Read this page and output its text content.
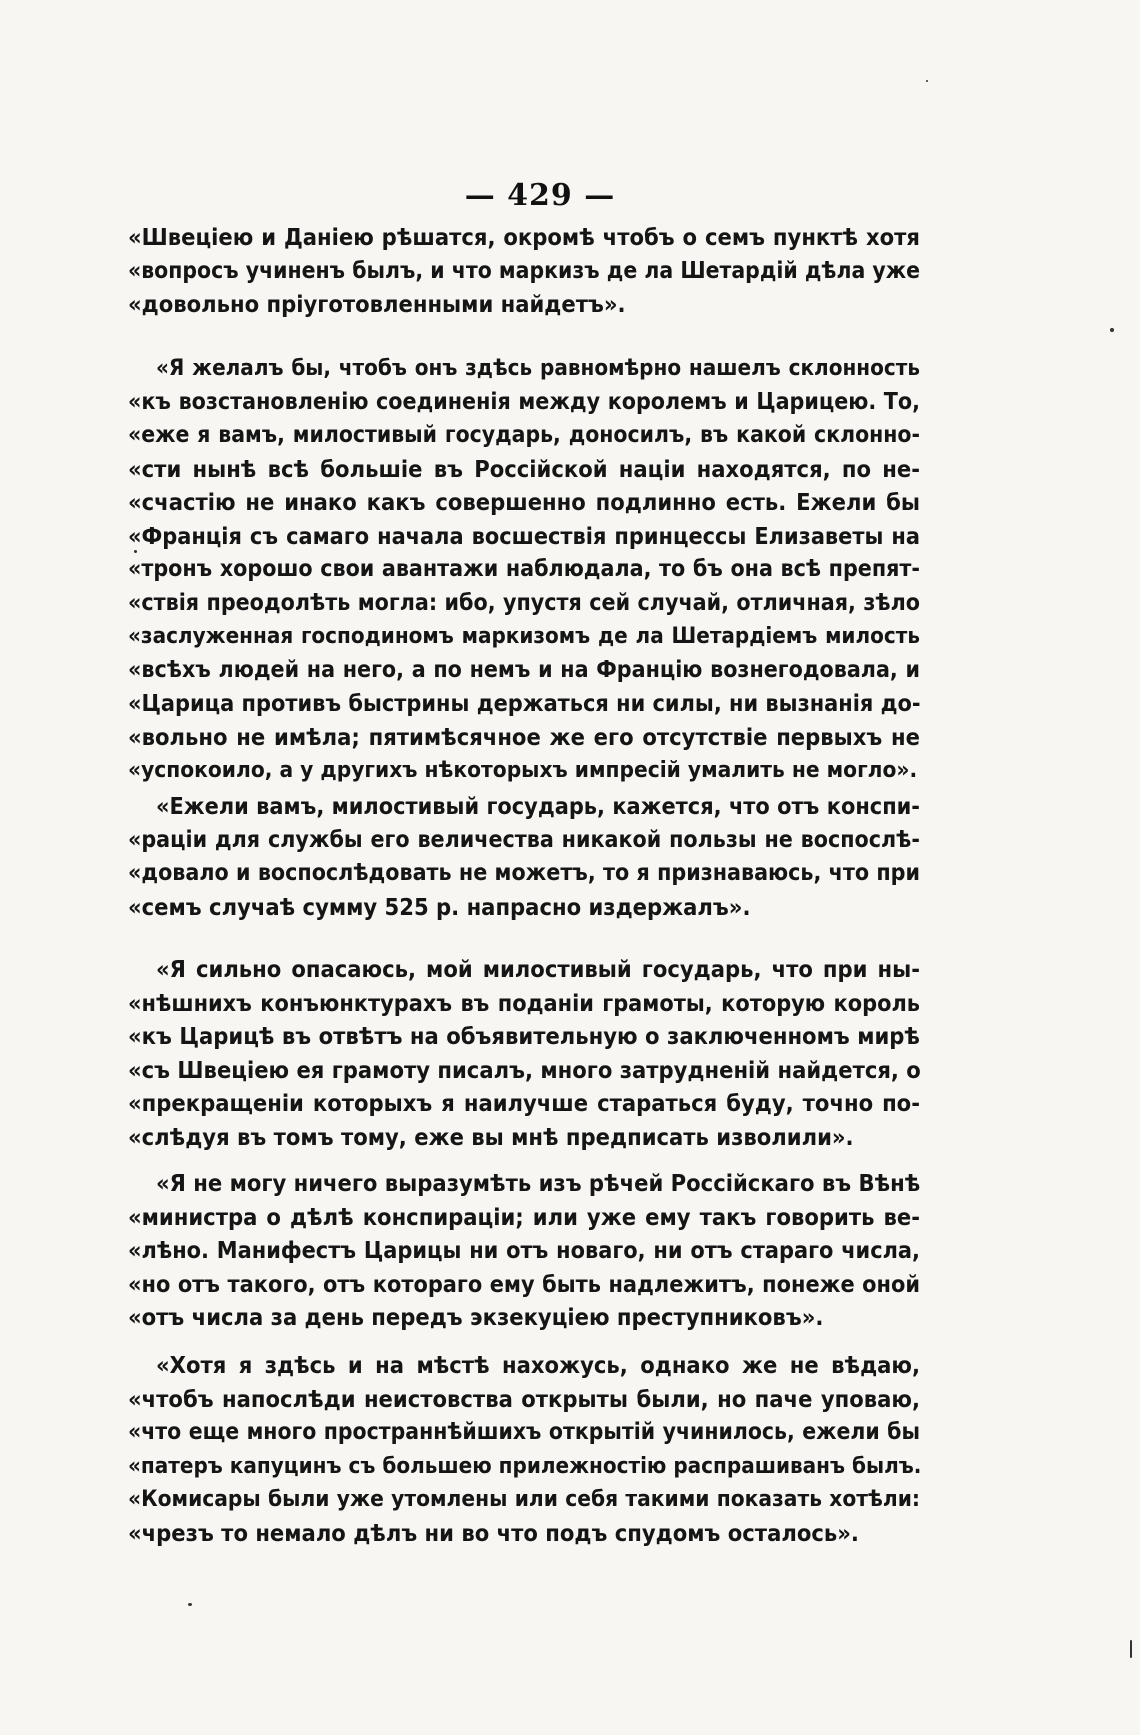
— 429 —
«Швеціею и Даніею рѣшатся, окромѣ чтобъ о семъ пунктѣ хотя
«вопросъ учиненъ былъ, и что маркизъ де ла Шетардій дѣла уже
«довольно пріуготовленными найдетъ».
«Я желалъ бы, чтобъ онъ здѣсь равномѣрно нашелъ склонность
«къ возстановленію соединенія между королемъ и Царицею. То,
«еже я вамъ, милостивый государь, доносилъ, въ какой склонно-
«сти нынѣ всѣ большіе въ Россійской націи находятся, по не-
«счастію не инако какъ совершенно подлинно есть. Ежели бы
«Францiя съ самаго начала восшествія принцессы Елизаветы на
«тронъ хорошо свои авантажи наблюдала, то бъ она всѣ препят-
«ствія преодолѣть могла: ибо, упустя сей случай, отличная, зѣло
«заслуженная господиномъ маркизомъ де ла Шетардіемъ милость
«всѣхъ людей на него, а по немъ и на Францію вознегодовала, и
«Царица противъ быстрины держаться ни силы, ни вызнанія до-
«вольно не имѣла; пятимѣсячное же его отсутствіе первыхъ не
«успокоило, а у другихъ нѣкоторыхъ импресій умалить не могло».
«Ежели вамъ, милостивый государь, кажется, что отъ конспи-
«раціи для службы его величества никакой пользы не воспослѣ-
«довало и воспослѣдовать не можетъ, то я признаваюсь, что при
«семъ случаѣ сумму 525 р. напрасно издержалъ».
«Я сильно опасаюсь, мой милостивый государь, что при ны-
«нѣшнихъ конъюнктурахъ въ поданіи грамоты, которую король
«къ Царицѣ въ отвѣтъ на объявительную о заключенномъ мирѣ
«съ Швеціею ея грамоту писалъ, много затрудненій найдется, о
«прекращеніи которыхъ я наилучше стараться буду, точно по-
«слѣдуя въ томъ тому, еже вы мнѣ предписать изволили».
«Я не могу ничего выразумѣть изъ рѣчей Россійскаго въ Вѣнѣ
«министра о дѣлѣ конспираціи; или уже ему такъ говорить ве-
«лѣно. Манифестъ Царицы ни отъ новаго, ни отъ стараго числа,
«но отъ такого, отъ котораго ему быть надлежитъ, понеже оной
«отъ числа за день передъ экзекуціею преступниковъ».
«Хотя я здѣсь и на мѣстѣ нахожусь, однако же не вѣдаю,
«чтобъ напослѣди неистовства открыты были, но паче уповаю,
«что еще много пространнѣйшихъ открытій учинилось, ежели бы
«патеръ капуцинъ съ большею прилежностію распрашиванъ былъ.
«Комисары были уже утомлены или себя такими показать хотѣли:
«чрезъ то немало дѣлъ ни во что подъ спудомъ осталось».
